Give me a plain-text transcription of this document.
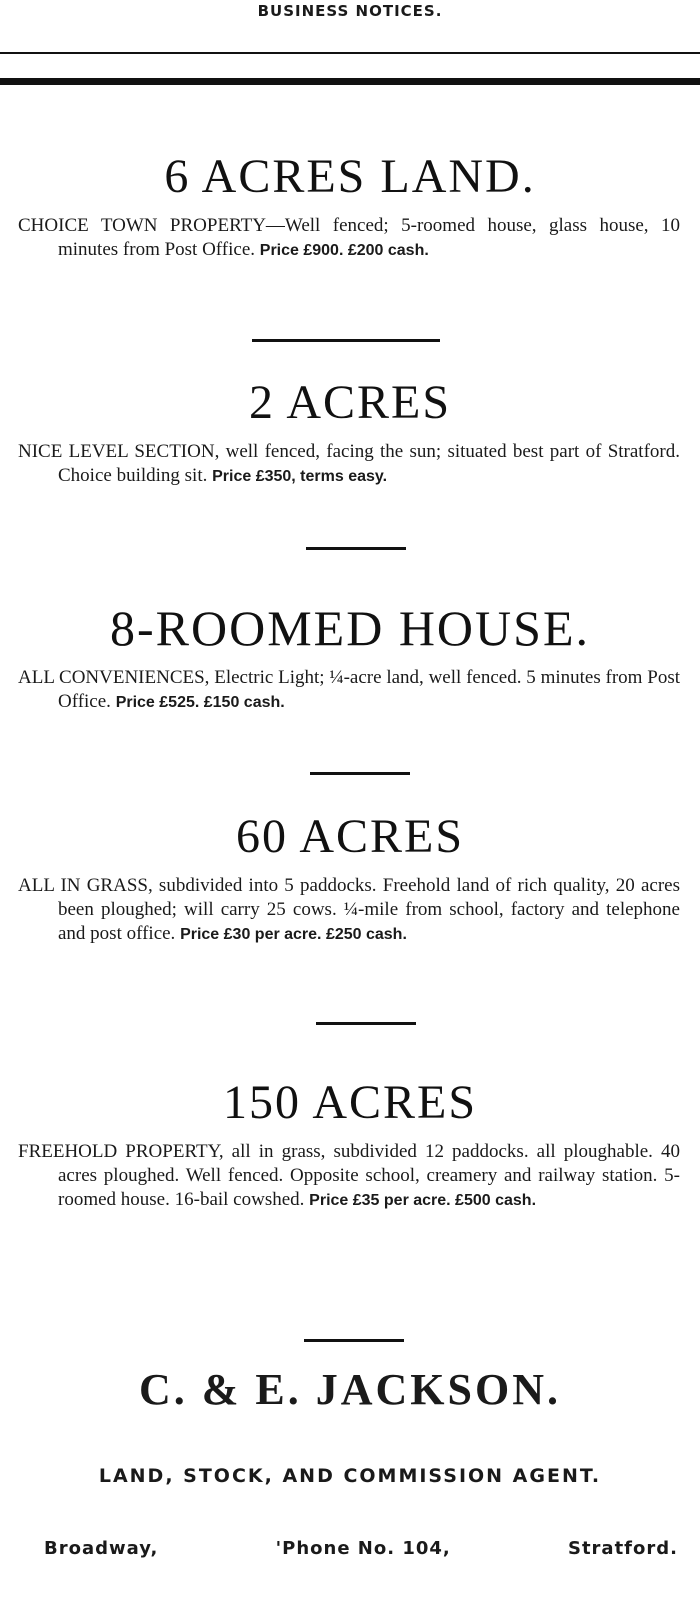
BUSINESS NOTICES.
6 ACRES LAND.
CHOICE TOWN PROPERTY—Well fenced; 5-roomed house, glass house, 10 minutes from Post Office. Price £900. £200 cash.
2 ACRES
NICE LEVEL SECTION, well fenced, facing the sun; situated best part of Stratford. Choice building sit. Price £350, terms easy.
8-ROOMED HOUSE.
ALL CONVENIENCES, Electric Light; ¼-acre land, well fenced. 5 minutes from Post Office. Price £525. £150 cash.
60 ACRES
ALL IN GRASS, subdivided into 5 paddocks. Freehold land of rich quality, 20 acres been ploughed; will carry 25 cows. ¼-mile from school, factory and telephone and post office. Price £30 per acre. £250 cash.
150 ACRES
FREEHOLD PROPERTY, all in grass, subdivided 12 paddocks. all ploughable. 40 acres ploughed. Well fenced. Opposite school, creamery and railway station. 5-roomed house. 16-bail cowshed. Price £35 per acre. £500 cash.
C. & E. JACKSON.
LAND, STOCK, AND COMMISSION AGENT.
Broadway,	'Phone No. 104,	Stratford.
